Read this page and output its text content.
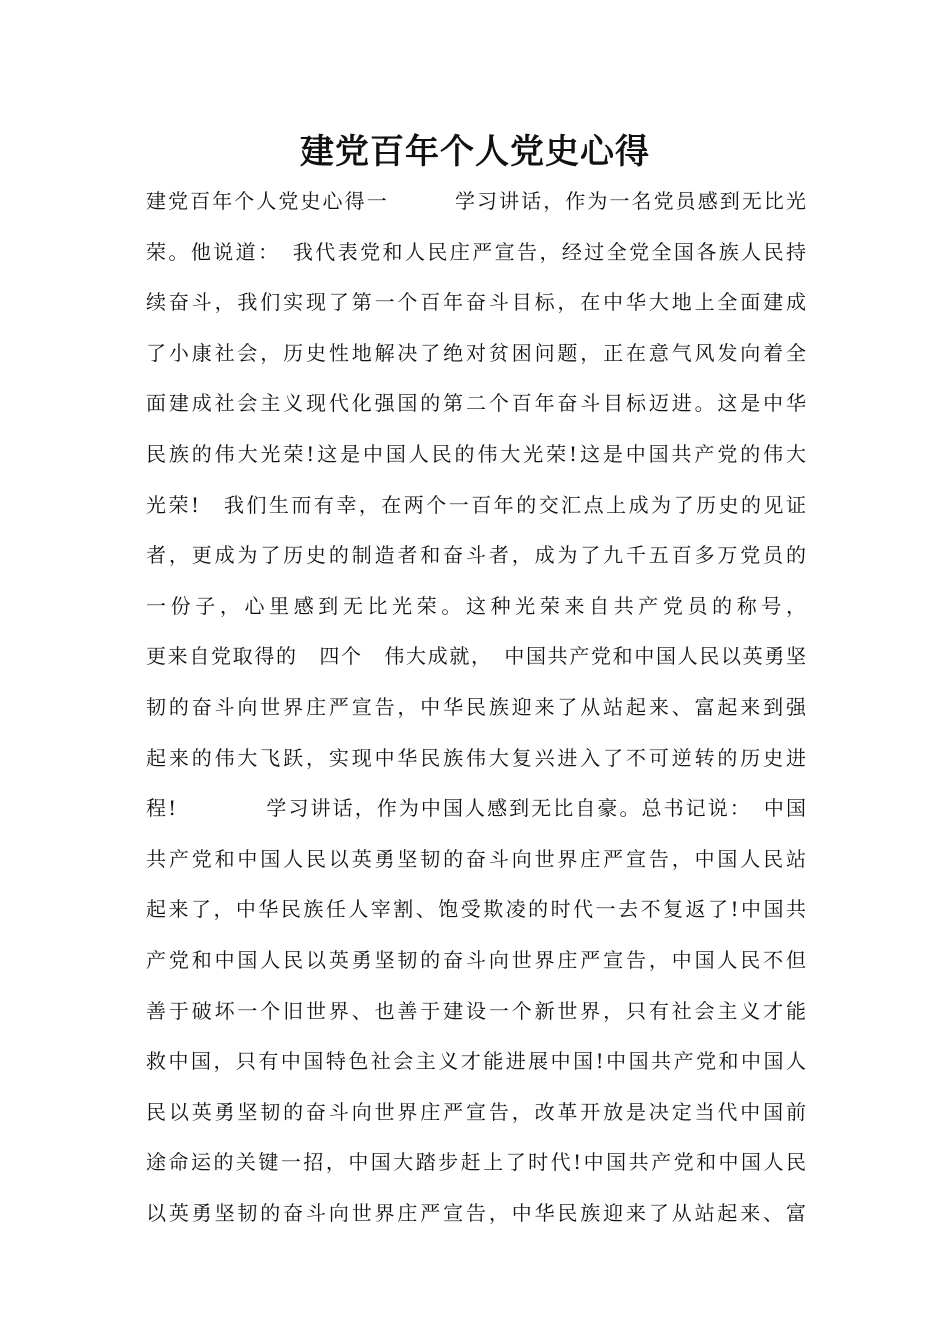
建党百年个人党史心得
建党百年个人党史心得一　　　学习讲话，作为一名党员感到无比光
荣。他说道：　我代表党和人民庄严宣告，经过全党全国各族人民持
续奋斗，我们实现了第一个百年奋斗目标，在中华大地上全面建成
了小康社会，历史性地解决了绝对贫困问题，正在意气风发向着全
面建成社会主义现代化强国的第二个百年奋斗目标迈进。这是中华
民族的伟大光荣!这是中国人民的伟大光荣!这是中国共产党的伟大
光荣!　我们生而有幸，在两个一百年的交汇点上成为了历史的见证
者，更成为了历史的制造者和奋斗者，成为了九千五百多万党员的
一份子，心里感到无比光荣。这种光荣来自共产党员的称号，
更来自党取得的　四个　伟大成就，　中国共产党和中国人民以英勇坚
韧的奋斗向世界庄严宣告，中华民族迎来了从站起来、富起来到强
起来的伟大飞跃，实现中华民族伟大复兴进入了不可逆转的历史进
程!　　　　学习讲话，作为中国人感到无比自豪。总书记说：　中国
共产党和中国人民以英勇坚韧的奋斗向世界庄严宣告，中国人民站
起来了，中华民族任人宰割、饱受欺凌的时代一去不复返了!中国共
产党和中国人民以英勇坚韧的奋斗向世界庄严宣告，中国人民不但
善于破坏一个旧世界、也善于建设一个新世界，只有社会主义才能
救中国，只有中国特色社会主义才能进展中国!中国共产党和中国人
民以英勇坚韧的奋斗向世界庄严宣告，改革开放是决定当代中国前
途命运的关键一招，中国大踏步赶上了时代!中国共产党和中国人民
以英勇坚韧的奋斗向世界庄严宣告，中华民族迎来了从站起来、富
